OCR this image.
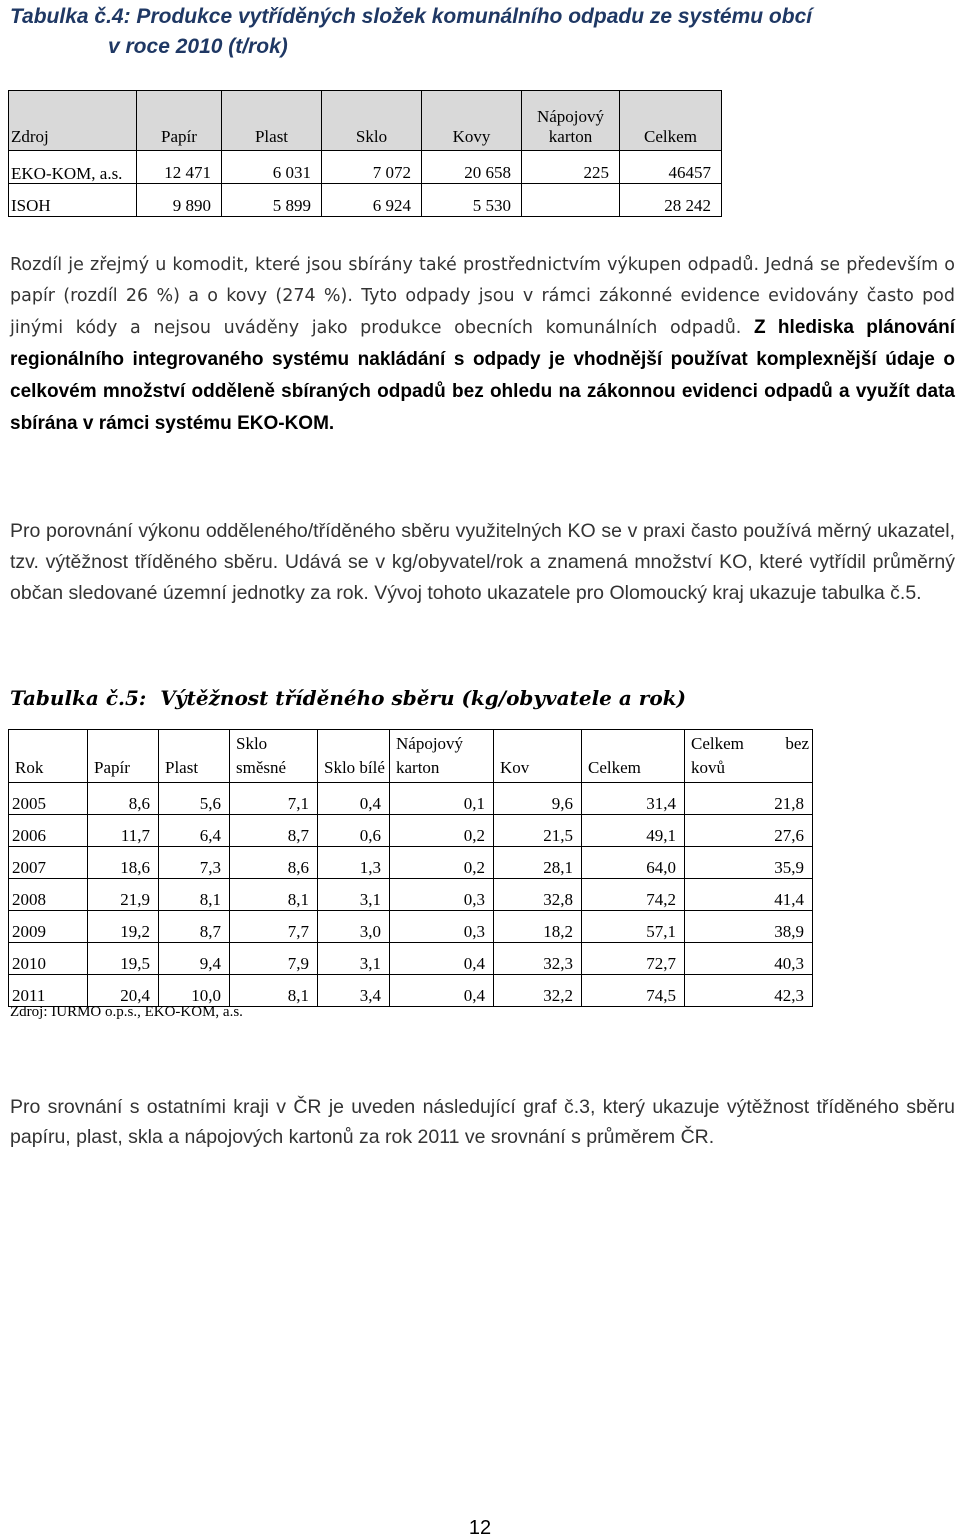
Tabulka č.4: Produkce vytříděných složek komunálního odpadu ze systému obcí
v roce 2010 (t/rok)
Zdroj	Papír	Plast	Sklo	Kovy	Nápojový karton	Celkem
EKO-KOM, a.s.	12 471	6 031	7 072	20 658	225	46457
ISOH	9 890	5 899	6 924	5 530		28 242
Rozdíl je zřejmý u komodit, které jsou sbírány také prostřednictvím výkupen odpadů. Jedná se především o papír (rozdíl 26 %) a o kovy (274 %). Tyto odpady jsou v rámci zákonné evidence evidovány často pod jinými kódy a nejsou uváděny jako produkce obecních komunálních odpadů. Z hlediska plánování regionálního integrovaného systému nakládání s odpady je vhodnější používat komplexnější údaje o celkovém množství odděleně sbíraných odpadů bez ohledu na zákonnou evidenci odpadů a využít data sbírána v rámci systému EKO-KOM.
Pro porovnání výkonu odděleného/tříděného sběru využitelných KO se v praxi často používá měrný ukazatel, tzv. výtěžnost tříděného sběru. Udává se v kg/obyvatel/rok a znamená množství KO, které vytřídil průměrný občan sledované územní jednotky za rok. Vývoj tohoto ukazatele pro Olomoucký kraj ukazuje tabulka č.5.
Tabulka č.5: Výtěžnost tříděného sběru (kg/obyvatele a rok)
Rok	Papír	Plast	Sklo směsné	Sklo bílé	Nápojový karton	Kov	Celkem	Celkem bez kovů
2005	8,6	5,6	7,1	0,4	0,1	9,6	31,4	21,8
2006	11,7	6,4	8,7	0,6	0,2	21,5	49,1	27,6
2007	18,6	7,3	8,6	1,3	0,2	28,1	64,0	35,9
2008	21,9	8,1	8,1	3,1	0,3	32,8	74,2	41,4
2009	19,2	8,7	7,7	3,0	0,3	18,2	57,1	38,9
2010	19,5	9,4	7,9	3,1	0,4	32,3	72,7	40,3
2011	20,4	10,0	8,1	3,4	0,4	32,2	74,5	42,3
Zdroj: IURMO o.p.s., EKO-KOM, a.s.
Pro srovnání s ostatními kraji v ČR je uveden následující graf č.3, který ukazuje výtěžnost tříděného sběru papíru, plast, skla a nápojových kartonů za rok 2011 ve srovnání s průměrem ČR.
12
